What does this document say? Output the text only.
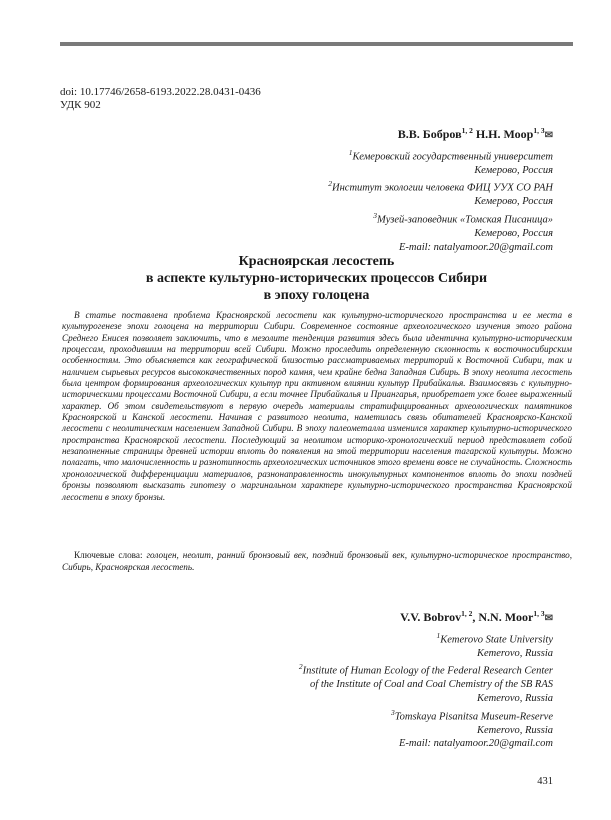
doi: 10.17746/2658-6193.2022.28.0431-0436
УДК 902
В.В. Бобров$^{1, 2}$ Н.Н. Моор$^{1, 3}$✉
$^1$Кемеровский государственный университет
Кемерово, Россия
$^2$Институт экологии человека ФИЦ УУХ СО РАН
Кемерово, Россия
$^3$Музей-заповедник «Томская Писаница»
Кемерово, Россия
E-mail: natalyamoor.20@gmail.com
Красноярская лесостепь
в аспекте культурно-исторических процессов Сибири
в эпоху голоцена

В статье поставлена проблема Красноярской лесостепи как культурно-исторического пространства и ее места в культурогенезе эпохи голоцена на территории Сибири. Современное состояние археологического изучения этого района Среднего Енисея позволяет заключить, что в мезолите тенденция развития здесь была идентична культурно-историческим процессам, проходившим на территории всей Сибири. Можно проследить определенную склонность к восточносибирским особенностям. Это объясняется как географической близостью рассматриваемых территорий к Восточной Сибири, так и наличием сырьевых ресурсов высококачественных пород камня, чем крайне бедна Западная Сибирь. В эпоху неолита лесостепь была центром формирования археологических культур при активном влиянии культур Прибайкалья. Взаимосвязь с культурно-историческими процессами Восточной Сибири, а если точнее Прибайкалья и Приангарья, приобретает уже более выраженный характер. Об этом свидетельствуют в первую очередь материалы стратифицированных археологических памятников Красноярской и Канской лесостепи. Начиная с развитого неолита, наметилась связь обитателей Красноярско-Канской лесостепи с неолитическим населением Западной Сибири. В эпоху палеометалла изменился характер культурно-исторического пространства Красноярской лесостепи. Последующий за неолитом историко-хронологический период представляет собой незаполненные страницы древней истории вплоть до появления на этой территории населения тагарской культуры. Можно полагать, что малочисленность и разнотипность археологических источников этого времени вовсе не случайность. Сложность хронологической дифференциации материалов, разнонаправленность инокультурных компонентов вплоть до эпохи поздней бронзы позволяют высказать гипотезу о маргинальном характере культурно-исторического пространства Красноярской лесостепи в эпоху бронзы.

Ключевые слова: голоцен, неолит, ранний бронзовый век, поздний бронзовый век, культурно-историческое пространство, Сибирь, Красноярская лесостепь.
V.V. Bobrov$^{1, 2}$, N.N. Moor$^{1, 3}$✉
$^1$Kemerovo State University
Kemerovo, Russia
$^2$Institute of Human Ecology of the Federal Research Center
of the Institute of Coal and Coal Chemistry of the SB RAS
Kemerovo, Russia
$^3$Tomskaya Pisanitsa Museum-Reserve
Kemerovo, Russia
E-mail: natalyamoor.20@gmail.com
431
